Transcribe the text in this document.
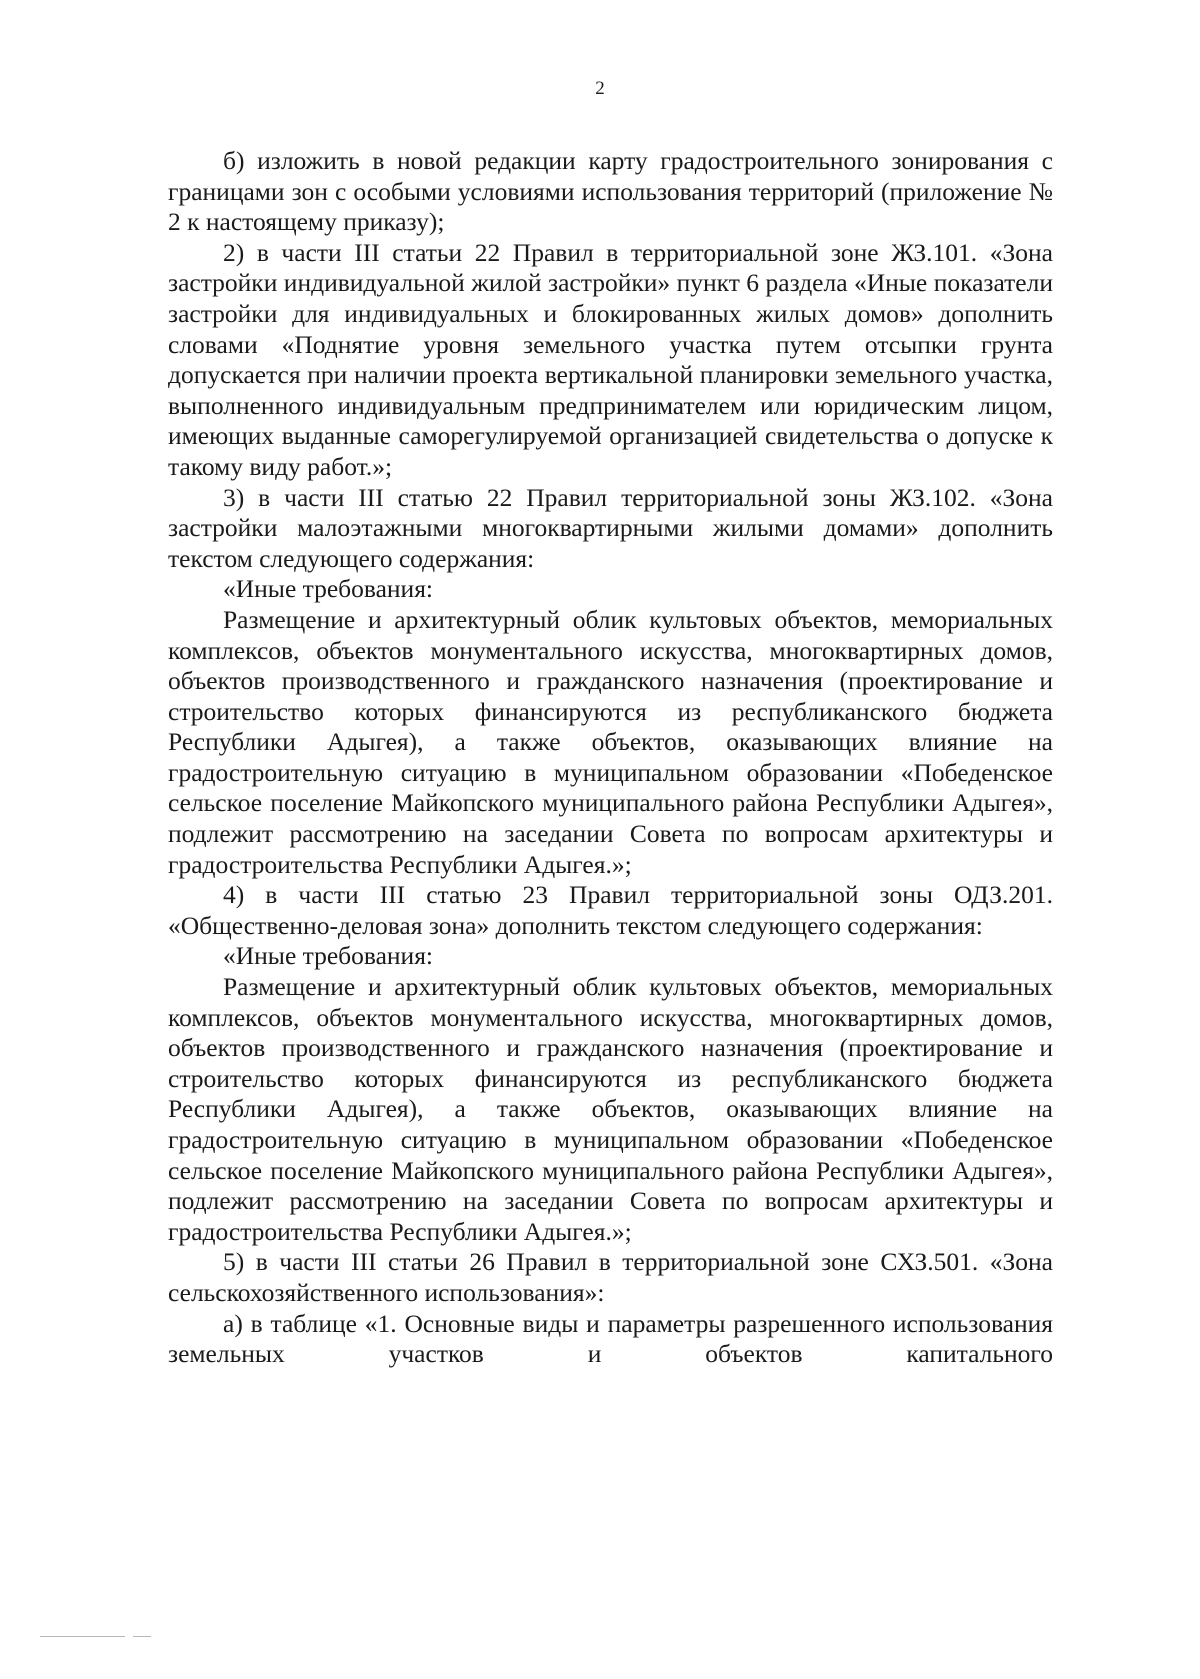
2

б) изложить в новой редакции карту градостроительного зонирования с границами зон с особыми условиями использования территорий (приложение № 2 к настоящему приказу);

2) в части III статьи 22 Правил в территориальной зоне ЖЗ.101. «Зона застройки индивидуальной жилой застройки» пункт 6 раздела «Иные показатели застройки для индивидуальных и блокированных жилых домов» дополнить словами «Поднятие уровня земельного участка путем отсыпки грунта допускается при наличии проекта вертикальной планировки земельного участка, выполненного индивидуальным предпринимателем или юридическим лицом, имеющих выданные саморегулируемой организацией свидетельства о допуске к такому виду работ.»;

3) в части III статью 22 Правил территориальной зоны ЖЗ.102. «Зона застройки малоэтажными многоквартирными жилыми домами» дополнить текстом следующего содержания:

«Иные требования:

Размещение и архитектурный облик культовых объектов, мемориальных комплексов, объектов монументального искусства, многоквартирных домов, объектов производственного и гражданского назначения (проектирование и строительство которых финансируются из республиканского бюджета Республики Адыгея), а также объектов, оказывающих влияние на градостроительную ситуацию в муниципальном образовании «Победенское сельское поселение Майкопского муниципального района Республики Адыгея», подлежит рассмотрению на заседании Совета по вопросам архитектуры и градостроительства Республики Адыгея.»;

4) в части III статью 23 Правил территориальной зоны ОДЗ.201. «Общественно-деловая зона» дополнить текстом следующего содержания:

«Иные требования:

Размещение и архитектурный облик культовых объектов, мемориальных комплексов, объектов монументального искусства, многоквартирных домов, объектов производственного и гражданского назначения (проектирование и строительство которых финансируются из республиканского бюджета Республики Адыгея), а также объектов, оказывающих влияние на градостроительную ситуацию в муниципальном образовании «Победенское сельское поселение Майкопского муниципального района Республики Адыгея», подлежит рассмотрению на заседании Совета по вопросам архитектуры и градостроительства Республики Адыгея.»;

5) в части III статьи 26 Правил в территориальной зоне СХЗ.501. «Зона сельскохозяйственного использования»:

а) в таблице «1. Основные виды и параметры разрешенного использования земельных участков и объектов капитального
